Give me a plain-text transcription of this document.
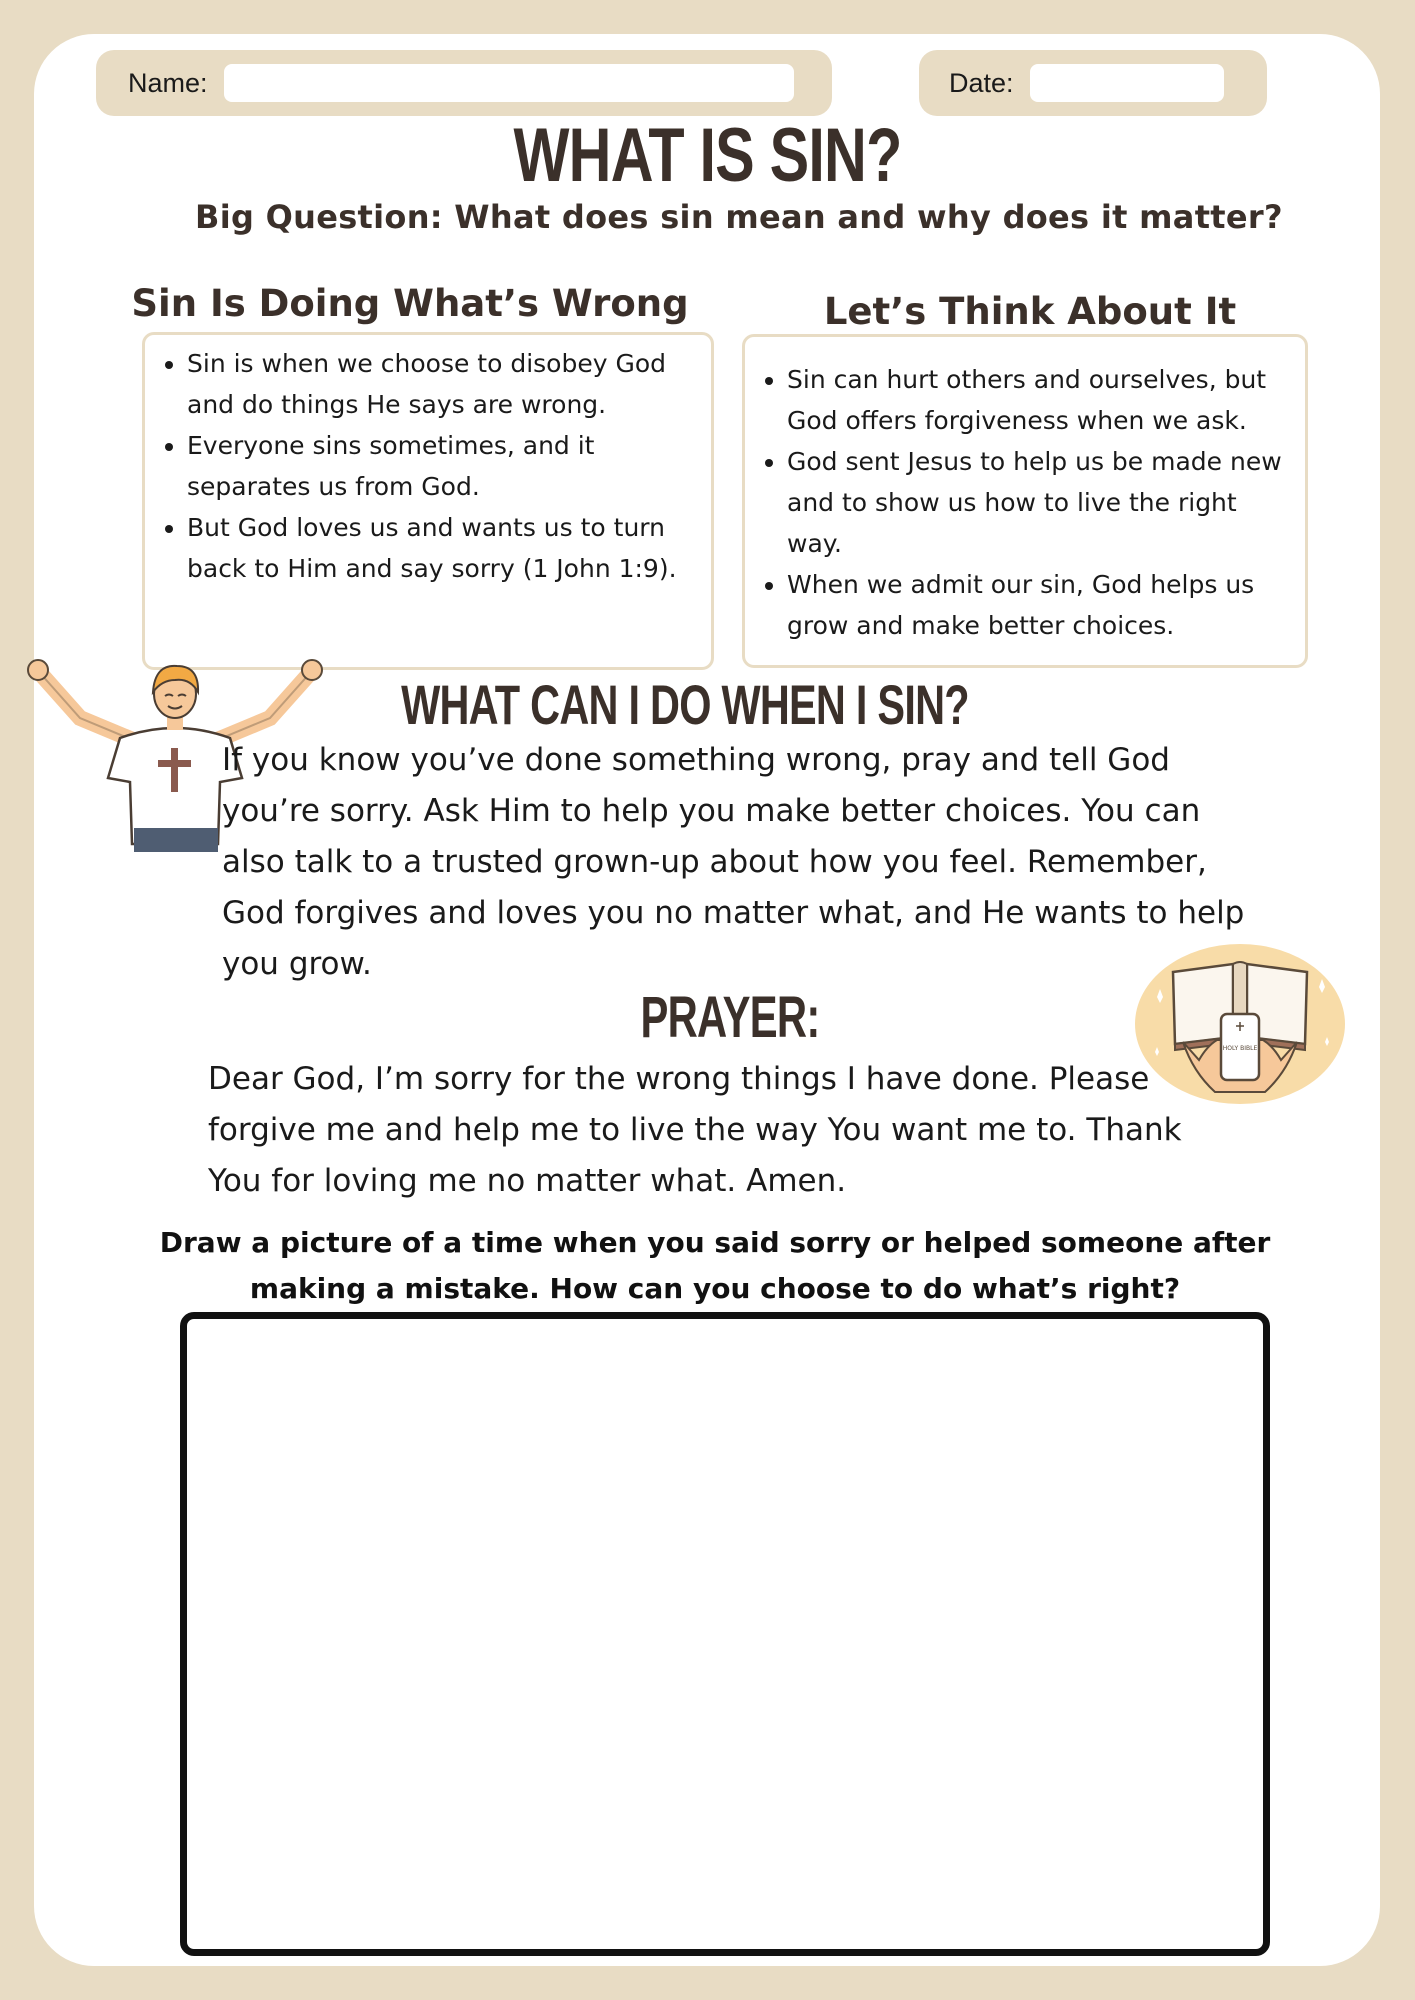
Name:	Date:
WHAT IS SIN?
Big Question: What does sin mean and why does it matter?
Sin Is Doing What’s Wrong
• Sin is when we choose to disobey God and do things He says are wrong.
• Everyone sins sometimes, and it separates us from God.
• But God loves us and wants us to turn back to Him and say sorry (1 John 1:9).
Let’s Think About It
• Sin can hurt others and ourselves, but God offers forgiveness when we ask.
• God sent Jesus to help us be made new and to show us how to live the right way.
• When we admit our sin, God helps us grow and make better choices.
WHAT CAN I DO WHEN I SIN?
If you know you’ve done something wrong, pray and tell God you’re sorry. Ask Him to help you make better choices. You can also talk to a trusted grown-up about how you feel. Remember, God forgives and loves you no matter what, and He wants to help you grow.
HOLY BIBLE
PRAYER:
Dear God, I’m sorry for the wrong things I have done. Please forgive me and help me to live the way You want me to. Thank You for loving me no matter what. Amen.
Draw a picture of a time when you said sorry or helped someone after making a mistake. How can you choose to do what’s right?
